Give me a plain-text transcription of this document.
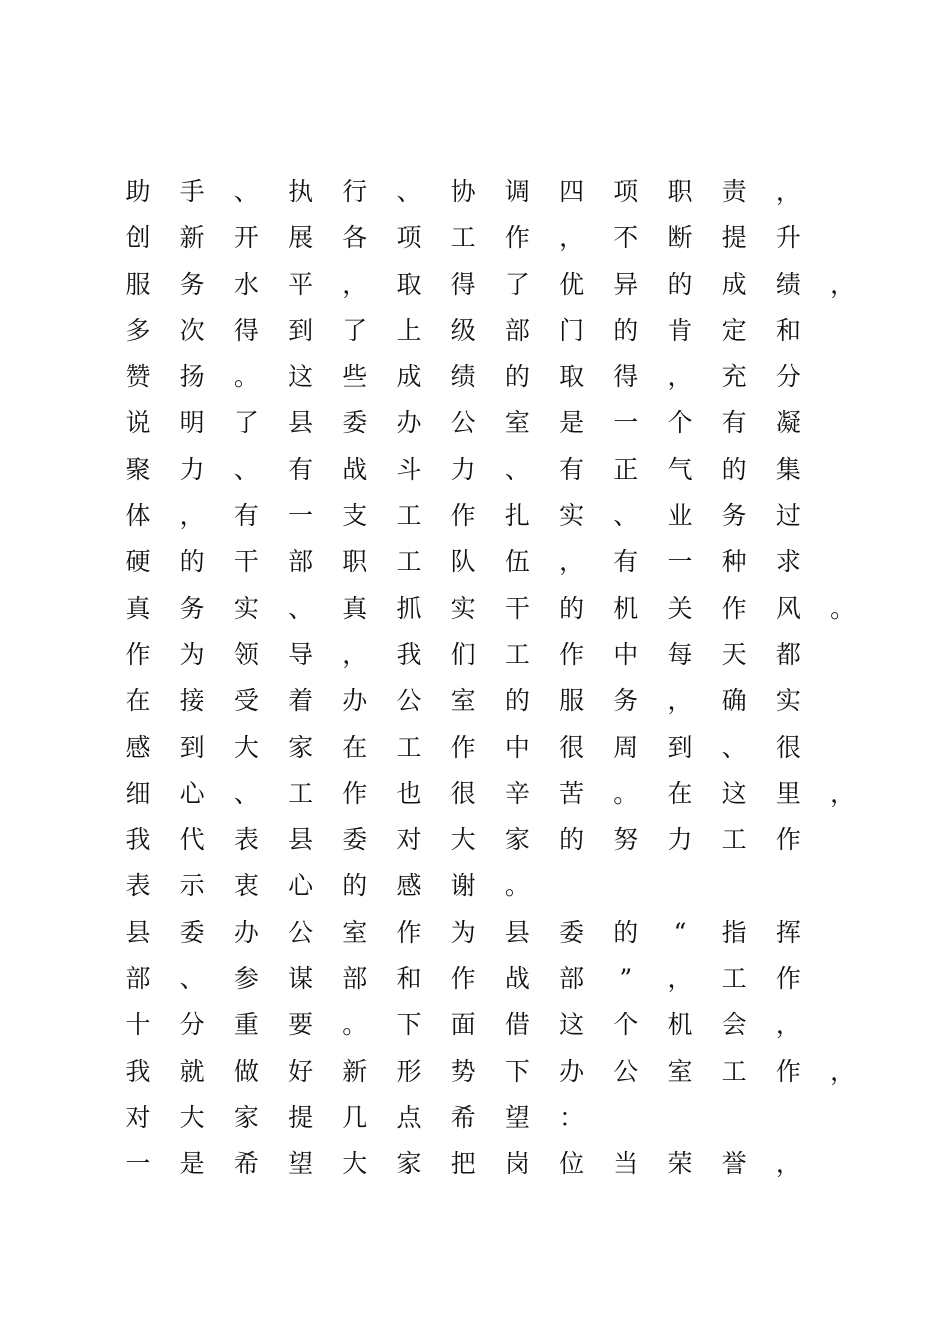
助 手 、 执 行 、 协 调 四 项 职 责 ，
创 新 开 展 各 项 工 作 ， 不 断 提 升
服 务 水 平 ， 取 得 了 优 异 的 成 绩 ，
多 次 得 到 了 上 级 部 门 的 肯 定 和
赞 扬 。 这 些 成 绩 的 取 得 ， 充 分
说 明 了 县 委 办 公 室 是 一 个 有 凝
聚 力 、 有 战 斗 力 、 有 正 气 的 集
体 ， 有 一 支 工 作 扎 实 、 业 务 过
硬 的 干 部 职 工 队 伍 ， 有 一 种 求
真 务 实 、 真 抓 实 干 的 机 关 作 风 。
作 为 领 导 ， 我 们 工 作 中 每 天 都
在 接 受 着 办 公 室 的 服 务 ， 确 实
感 到 大 家 在 工 作 中 很 周 到 、 很
细 心 、 工 作 也 很 辛 苦 。 在 这 里 ，
我 代 表 县 委 对 大 家 的 努 力 工 作
表 示 衷 心 的 感 谢 。
县 委 办 公 室 作 为 县 委 的	“	指 挥
部 、 参 谋 部 和 作 战 部	”	， 工 作
十 分 重 要 。 下 面 借 这 个 机 会 ，
我 就 做 好 新 形 势 下 办 公 室 工 作 ，
对 大 家 提 几 点 希 望 ：
一 是 希 望 大 家 把 岗 位 当 荣 誉 ，
